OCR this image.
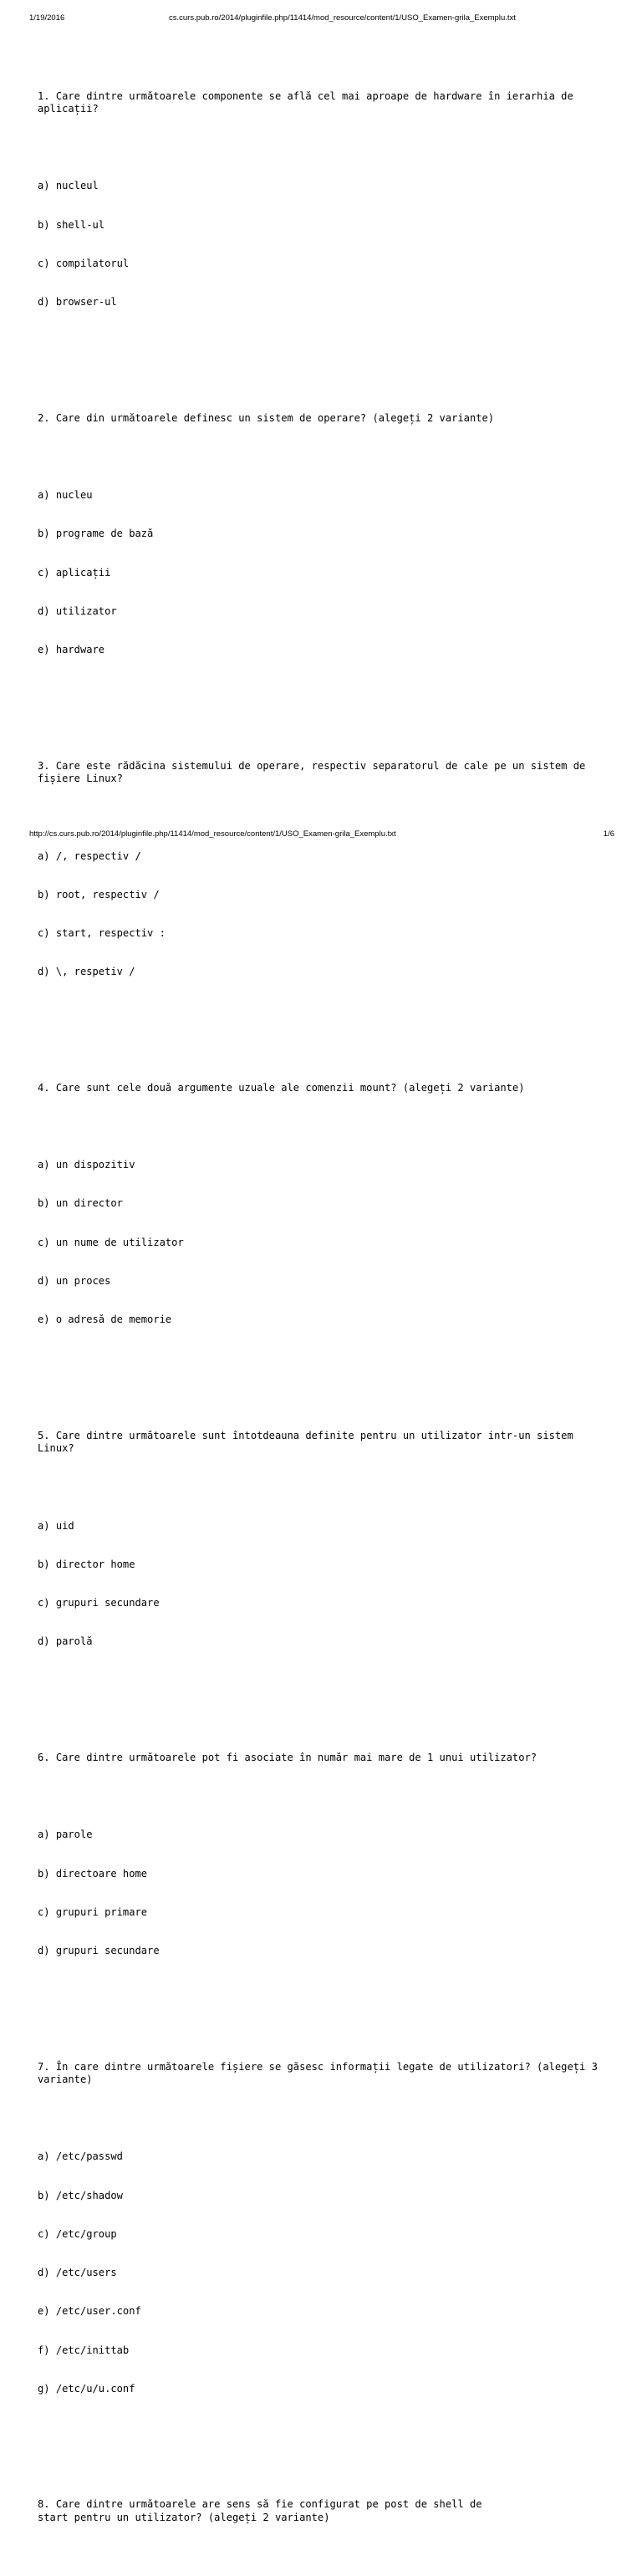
1/19/2016	cs.curs.pub.ro/2014/pluginfile.php/11414/mod_resource/content/1/USO_Examen-grila_Exemplu.txt

1. Care dintre următoarele componente se află cel mai aproape de hardware în ierarhia de
aplicații?

a) nucleul

b) shell-ul

c) compilatorul

d) browser-ul

2. Care din următoarele definesc un sistem de operare? (alegeți 2 variante)

a) nucleu

b) programe de bază

c) aplicații

d) utilizator

e) hardware

3. Care este rădăcina sistemului de operare, respectiv separatorul de cale pe un sistem de
fișiere Linux?

a) /, respectiv /

b) root, respectiv /

c) start, respectiv :

d) \, respetiv /

4. Care sunt cele două argumente uzuale ale comenzii mount? (alegeți 2 variante)

a) un dispozitiv

b) un director

c) un nume de utilizator

d) un proces

e) o adresă de memorie

5. Care dintre următoarele sunt întotdeauna definite pentru un utilizator intr-un sistem
Linux?

a) uid

b) director home

c) grupuri secundare

d) parolă

6. Care dintre următoarele pot fi asociate în număr mai mare de 1 unui utilizator?

a) parole

b) directoare home

c) grupuri primare

d) grupuri secundare

7. În care dintre următoarele fișiere se găsesc informații legate de utilizatori? (alegeți 3
variante)

a) /etc/passwd

b) /etc/shadow

c) /etc/group

d) /etc/users

e) /etc/user.conf

f) /etc/inittab

g) /etc/u/u.conf

8. Care dintre următoarele are sens să fie configurat pe post de shell de
start pentru un utilizator? (alegeți 2 variante)

http://cs.curs.pub.ro/2014/pluginfile.php/11414/mod_resource/content/1/USO_Examen-grila_Exemplu.txt	1/6
